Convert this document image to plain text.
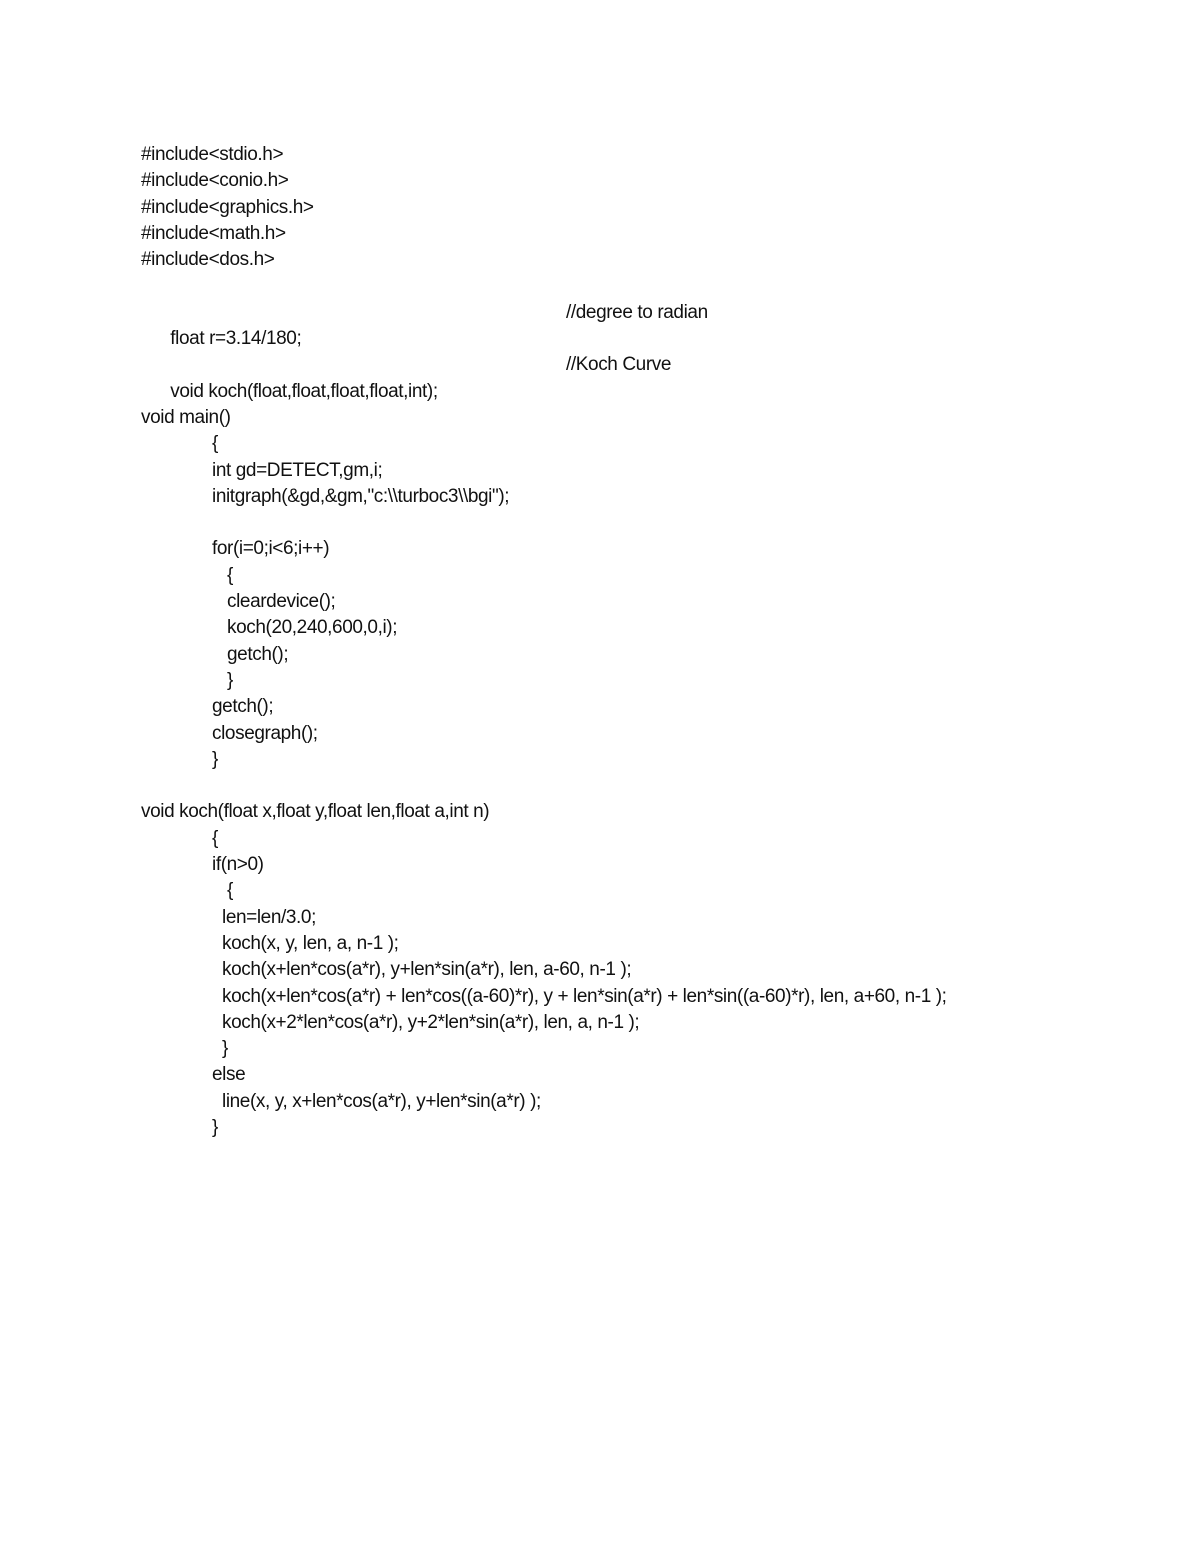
#include<stdio.h>
#include<conio.h>
#include<graphics.h>
#include<math.h>
#include<dos.h>

float r=3.14/180;

//degree to radian

void koch(float,float,float,float,int);

//Koch Curve

void main()
{
int gd=DETECT,gm,i;
initgraph(&gd,&gm,"c:\\turboc3\\bgi");
for(i=0;i<6;i++)
{
cleardevice();
koch(20,240,600,0,i);
getch();
}
getch();
closegraph();
}
void koch(float x,float y,float len,float a,int n)
{
if(n>0)
{
len=len/3.0;
koch(x, y, len, a, n-1 );
koch(x+len*cos(a*r), y+len*sin(a*r), len, a-60, n-1 );
koch(x+len*cos(a*r) + len*cos((a-60)*r), y + len*sin(a*r) + len*sin((a-60)*r), len, a+60, n-1 );
koch(x+2*len*cos(a*r), y+2*len*sin(a*r), len, a, n-1 );
}
else
line(x, y, x+len*cos(a*r), y+len*sin(a*r) );
}
